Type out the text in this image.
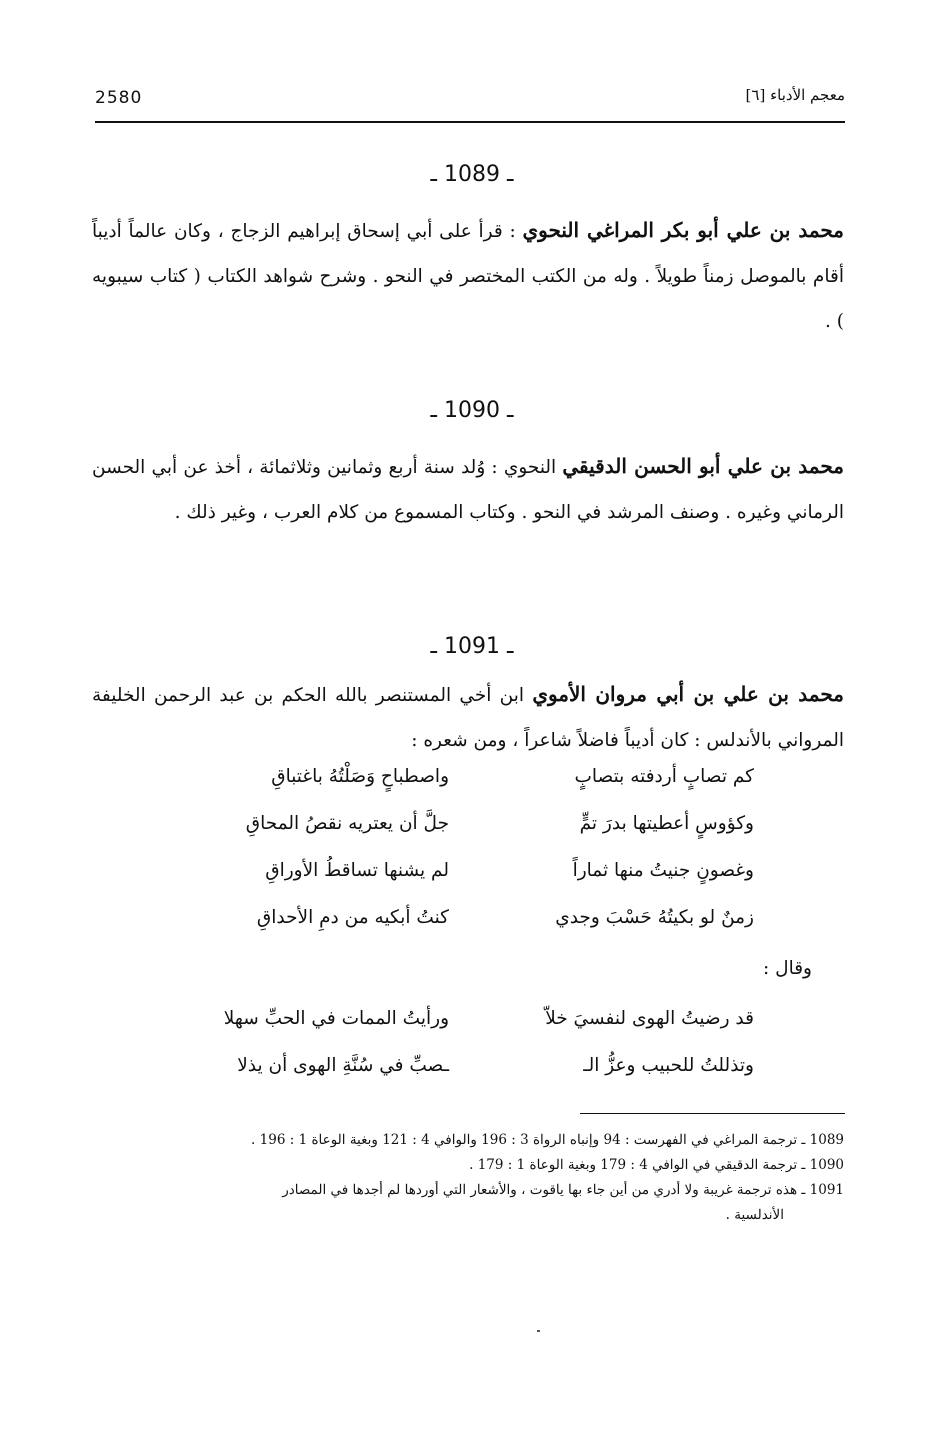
2580	معجم الأدباء [٦]
ـ 1089 ـ
محمد بن علي أبو بكر المراغي النحوي : قرأ على أبي إسحاق إبراهيم الزجاج ، وكان عالماً أديباً أقام بالموصل زمناً طويلاً . وله من الكتب المختصر في النحو . وشرح شواهد الكتاب ( كتاب سيبويه ) .
ـ 1090 ـ
محمد بن علي أبو الحسن الدقيقي النحوي : وُلد سنة أربع وثمانين وثلاثمائة ، أخذ عن أبي الحسن الرماني وغيره . وصنف المرشد في النحو . وكتاب المسموع من كلام العرب ، وغير ذلك .
ـ 1091 ـ
محمد بن علي بن أبي مروان الأموي ابن أخي المستنصر بالله الحكم بن عبد الرحمن الخليفة المرواني بالأندلس : كان أديباً فاضلاً شاعراً ، ومن شعره :
كم تصابٍ أردفته بتصابٍ
واصطباحٍ وَصَلْتُهُ باغتباقِ
وكؤوسٍ أعطيتها بدرَ تمٍّ
جلَّ أن يعتريه نقصُ المحاقِ
وغصونٍ جنيتُ منها ثماراً
لم يشنها تساقطُ الأوراقِ
زمنٌ لو بكيتُهُ حَسْبَ وجدي
كنتُ أبكيه من دمِ الأحداقِ
وقال :
قد رضيتُ الهوى لنفسيَ خلاّ
ورأيتُ الممات في الحبِّ سهلا
وتذللتُ للحبيب وعزُّ الـ
ـصبِّ في سُنَّةِ الهوى أن يذلا

1089 ـ ترجمة المراغي في الفهرست : 94 وإنباه الرواة 3 : 196 والوافي 4 : 121 وبغية الوعاة 1 : 196 .

1090 ـ ترجمة الدقيقي في الوافي 4 : 179 وبغية الوعاة 1 : 179 .

1091 ـ هذه ترجمة غريبة ولا أدري من أين جاء بها ياقوت ، والأشعار التي أوردها لم أجدها في المصادر

الأندلسية .
